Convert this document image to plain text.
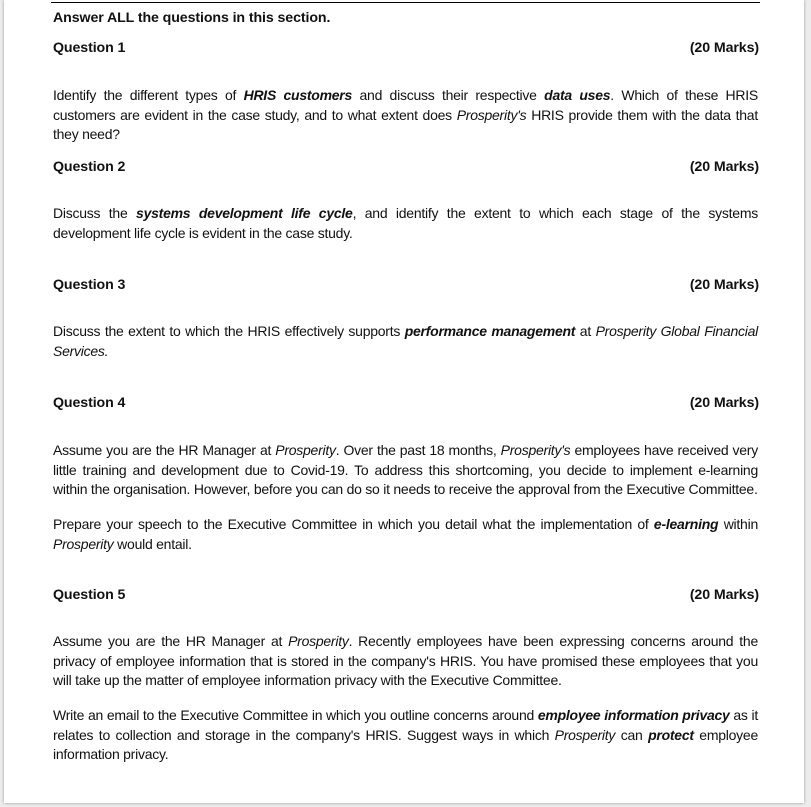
Answer ALL the questions in this section.
Question 1	(20 Marks)
Identify the different types of HRIS customers and discuss their respective data uses. Which of these HRIS customers are evident in the case study, and to what extent does Prosperity's HRIS provide them with the data that they need?
Question 2	(20 Marks)
Discuss the systems development life cycle, and identify the extent to which each stage of the systems development life cycle is evident in the case study.
Question 3	(20 Marks)
Discuss the extent to which the HRIS effectively supports performance management at Prosperity Global Financial Services.
Question 4	(20 Marks)
Assume you are the HR Manager at Prosperity. Over the past 18 months, Prosperity's employees have received very little training and development due to Covid-19. To address this shortcoming, you decide to implement e-learning within the organisation. However, before you can do so it needs to receive the approval from the Executive Committee.
Prepare your speech to the Executive Committee in which you detail what the implementation of e-learning within Prosperity would entail.
Question 5	(20 Marks)
Assume you are the HR Manager at Prosperity. Recently employees have been expressing concerns around the privacy of employee information that is stored in the company's HRIS. You have promised these employees that you will take up the matter of employee information privacy with the Executive Committee.
Write an email to the Executive Committee in which you outline concerns around employee information privacy as it relates to collection and storage in the company's HRIS. Suggest ways in which Prosperity can protect employee information privacy.
